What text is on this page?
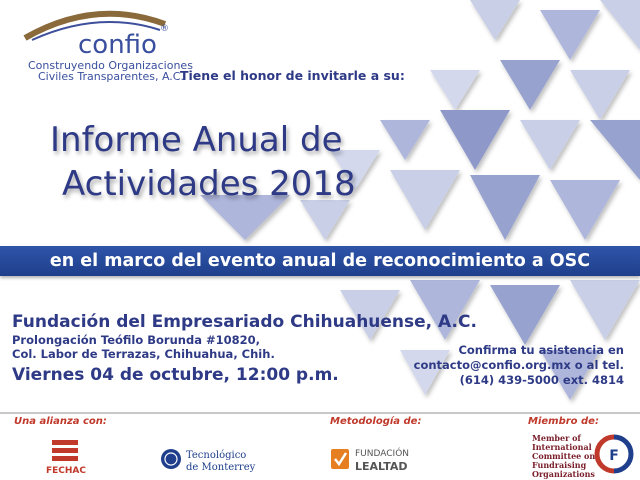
confio
®
Construyendo Organizaciones
Civiles Transparentes, A.C.
Tiene el honor de invitarle a su:
Informe Anual de
Actividades 2018
en el marco del evento anual de reconocimiento a OSC
Fundación del Empresariado Chihuahuense, A.C.
Prolongación Teófilo Borunda #10820,
Col. Labor de Terrazas, Chihuahua, Chih.
Viernes 04 de octubre, 12:00 p.m.
Confirma tu asistencia en
contacto@confio.org.mx o al tel.
(614) 439-5000 ext. 4814
Una alianza con:	Metodología de:	Miembro de:
FECHAC
Tecnológico
de Monterrey
FUNDACIÓN
LEALTAD
Member of
International
Committee on
Fundraising
Organizations
F
